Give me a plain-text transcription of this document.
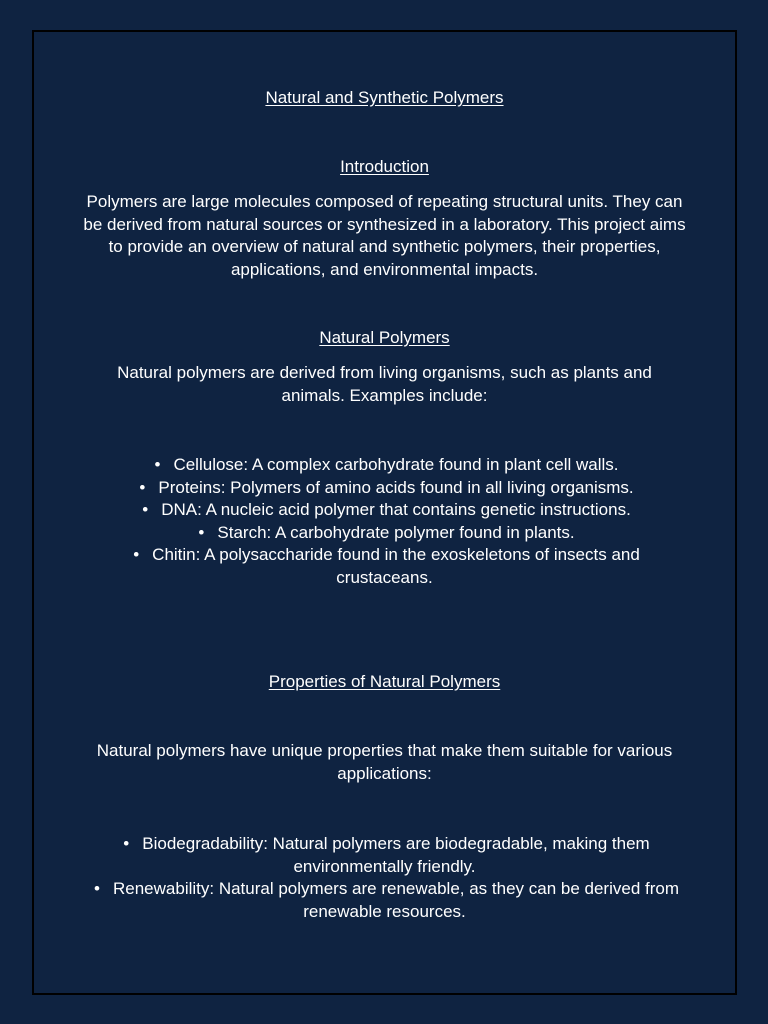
Natural and Synthetic Polymers
Introduction

Polymers are large molecules composed of repeating structural units. They can be derived from natural sources or synthesized in a laboratory. This project aims to provide an overview of natural and synthetic polymers, their properties, applications, and environmental impacts.

Natural Polymers

Natural polymers are derived from living organisms, such as plants and animals. Examples include:

• Cellulose: A complex carbohydrate found in plant cell walls.
• Proteins: Polymers of amino acids found in all living organisms.
• DNA: A nucleic acid polymer that contains genetic instructions.
• Starch: A carbohydrate polymer found in plants.
• Chitin: A polysaccharide found in the exoskeletons of insects and crustaceans.
Properties of Natural Polymers

Natural polymers have unique properties that make them suitable for various applications:

• Biodegradability: Natural polymers are biodegradable, making them environmentally friendly.
• Renewability: Natural polymers are renewable, as they can be derived from renewable resources.
